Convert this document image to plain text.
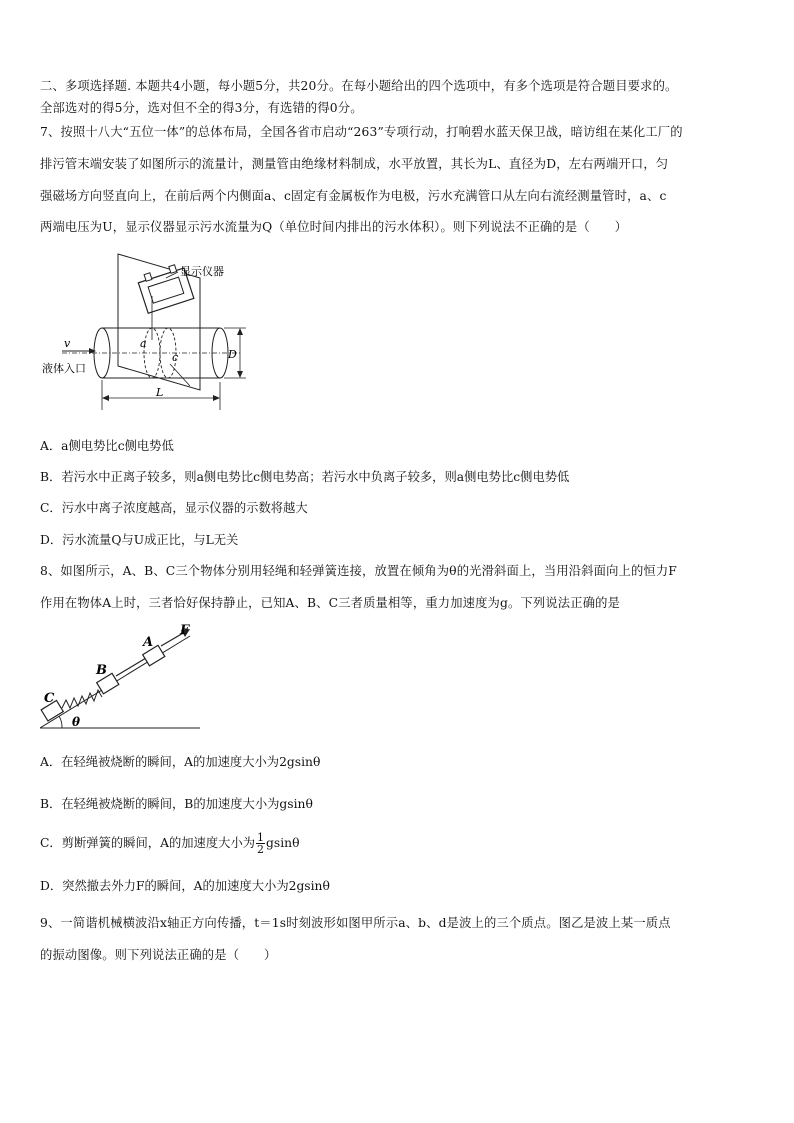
二、多项选择题. 本题共4小题，每小题5分，共20分。在每小题给出的四个选项中，有多个选项是符合题目要求的。
全部选对的得5分，选对但不全的得3分，有选错的得0分。
7、按照十八大“五位一体”的总体布局，全国各省市启动“263”专项行动，打响碧水蓝天保卫战，暗访组在某化工厂的
排污管末端安装了如图所示的流量计，测量管由绝缘材料制成，水平放置，其长为L、直径为D，左右两端开口，匀
强磁场方向竖直向上，在前后两个内侧面a、c固定有金属板作为电极，污水充满管口从左向右流经测量管时，a、c
两端电压为U，显示仪器显示污水流量为Q（单位时间内排出的污水体积）。则下列说法不正确的是（　　）
显示仪器
a
c
v
液体入口
D
L
A．a侧电势比c侧电势低
B．若污水中正离子较多，则a侧电势比c侧电势高；若污水中负离子较多，则a侧电势比c侧电势低
C．污水中离子浓度越高，显示仪器的示数将越大
D．污水流量Q与U成正比，与L无关
8、如图所示，A、B、C三个物体分别用轻绳和轻弹簧连接，放置在倾角为θ的光滑斜面上，当用沿斜面向上的恒力F
作用在物体A上时，三者恰好保持静止，已知A、B、C三者质量相等，重力加速度为g。下列说法正确的是
θ
C
B
A
F
A．在轻绳被烧断的瞬间，A的加速度大小为2gsinθ
B．在轻绳被烧断的瞬间，B的加速度大小为gsinθ
C．剪断弹簧的瞬间，A的加速度大小为 $\frac{1}{2}$ gsinθ
D．突然撤去外力F的瞬间，A的加速度大小为2gsinθ
9、一简谐机械横波沿x轴正方向传播，t＝1s时刻波形如图甲所示a、b、d是波上的三个质点。图乙是波上某一质点
的振动图像。则下列说法正确的是（　　）
